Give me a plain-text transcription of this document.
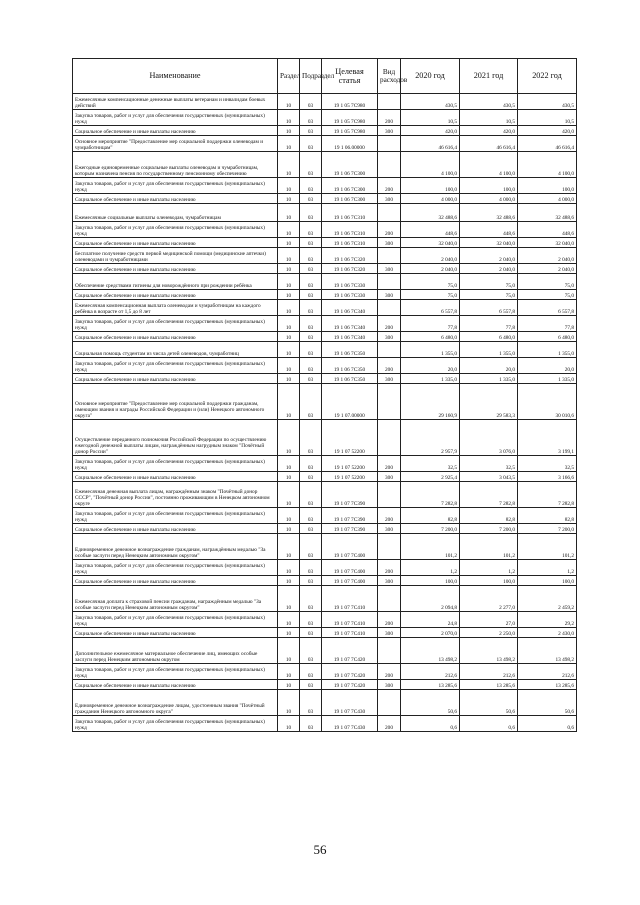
Наименование	Раздел	Подраздел	Целевая статья	Вид расходов	2020 год	2021 год	2022 год
Ежемесячные компенсационные денежные выплаты ветеранам и инвалидам боевых действий	10	03	19 1 05 7С980		430,5	430,5	430,5
Закупка товаров, работ и услуг для обеспечения государственных (муниципальных) нужд	10	03	19 1 05 7С980	200	10,5	10,5	10,5
Социальное обеспечение и иные выплаты населению	10	03	19 1 05 7С980	300	420,0	420,0	420,0
Основное мероприятие "Предоставление мер социальной поддержки оленеводам и чумработницам"	10	03	19 1 06.00000		46 616,4	46 616,4	46 616,4
Ежегодные единовременные социальные выплаты оленеводам и чумработницам, которым назначена пенсия по государственному пенсионному обеспечению	10	03	19 1 06 7С300		4 100,0	4 100,0	4 100,0
Закупка товаров, работ и услуг для обеспечения государственных (муниципальных) нужд	10	03	19 1 06 7С300	200	100,0	100,0	100,0
Социальное обеспечение и иные выплаты населению	10	03	19 1 06 7С300	300	4 000,0	4 000,0	4 000,0
Ежемесячные социальные выплаты оленеводам, чумработницам	10	03	19 1 06 7С310		32 488,6	32 488,6	32 488,6
Закупка товаров, работ и услуг для обеспечения государственных (муниципальных) нужд	10	03	19 1 06 7С310	200	448,6	448,6	448,6
Социальное обеспечение и иные выплаты населению	10	03	19 1 06 7С310	300	32 040,0	32 040,0	32 040,0
Бесплатное получение средств первой медицинской помощи (медицинские аптечки) оленеводами и чумработницами	10	03	19 1 06 7С320		2 040,0	2 040,0	2 040,0
Социальное обеспечение и иные выплаты населению	10	03	19 1 06 7С320	300	2 040,0	2 040,0	2 040,0
Обеспечение средствами гигиены для новорождённого при рождении ребёнка	10	03	19 1 06 7С330		75,0	75,0	75,0
Социальное обеспечение и иные выплаты населению	10	03	19 1 06 7С330	300	75,0	75,0	75,0
Ежемесячная компенсационная выплата оленеводам и чумработницам на каждого ребёнка в возрасте от 1,5 до 8 лет	10	03	19 1 06 7С340		6 557,8	6 557,8	6 557,8
Закупка товаров, работ и услуг для обеспечения государственных (муниципальных) нужд	10	03	19 1 06 7С340	200	77,8	77,8	77,8
Социальное обеспечение и иные выплаты населению	10	03	19 1 06 7С340	300	6 480,0	6 480,0	6 480,0
Социальная помощь студентам из числа детей оленеводов, чумработниц	10	03	19 1 06 7С350		1 355,0	1 355,0	1 355,0
Закупка товаров, работ и услуг для обеспечения государственных (муниципальных) нужд	10	03	19 1 06 7С350	200	20,0	20,0	20,0
Социальное обеспечение и иные выплаты населению	10	03	19 1 06 7С350	300	1 335,0	1 335,0	1 335,0
Основное мероприятие "Предоставление мер социальной поддержки гражданам, имеющим звания и награды Российской Федерации и (или) Ненецкого автономного округа"	10	03	19 1 07.00000		29 160,9	29 583,3	30 010,6
Осуществление переданного полномочия Российской Федерации по осуществлению ежегодной денежной выплаты лицам, награждённым нагрудным знаком "Почётный донор России"	10	03	19 1 07 52200		2 957,9	3 076,0	3 199,1
Закупка товаров, работ и услуг для обеспечения государственных (муниципальных) нужд	10	03	19 1 07 52200	200	32,5	32,5	32,5
Социальное обеспечение и иные выплаты населению	10	03	19 1 07 52200	300	2 925,4	3 043,5	3 166,6
Ежемесячная денежная выплата лицам, награждённым знаком "Почётный донор СССР", "Почётный донор России", постоянно проживающим в Ненецком автономном округе	10	03	19 1 07 7С390		7 282,8	7 282,8	7 282,8
Закупка товаров, работ и услуг для обеспечения государственных (муниципальных) нужд	10	03	19 1 07 7С390	200	82,8	82,8	82,8
Социальное обеспечение и иные выплаты населению	10	03	19 1 07 7С390	300	7 200,0	7 200,0	7 200,0
Единовременное денежное вознаграждение гражданам, награждённым медалью "За особые заслуги перед Ненецким автономным округом"	10	03	19 1 07 7С400		101,2	101,2	101,2
Закупка товаров, работ и услуг для обеспечения государственных (муниципальных) нужд	10	03	19 1 07 7С400	200	1,2	1,2	1,2
Социальное обеспечение и иные выплаты населению	10	03	19 1 07 7С400	300	100,0	100,0	100,0
Ежемесячная доплата к страховой пенсии гражданам, награждённым медалью "За особые заслуги перед Ненецким автономным округом"	10	03	19 1 07 7С410		2 094,8	2 277,0	2 459,2
Закупка товаров, работ и услуг для обеспечения государственных (муниципальных) нужд	10	03	19 1 07 7С410	200	24,8	27,0	29,2
Социальное обеспечение и иные выплаты населению	10	03	19 1 07 7С410	300	2 070,0	2 250,0	2 430,0
Дополнительное ежемесячное материальное обеспечение лиц, имеющих особые заслуги перед Ненецким автономным округом	10	03	19 1 07 7С420		13 498,2	13 498,2	13 498,2
Закупка товаров, работ и услуг для обеспечения государственных (муниципальных) нужд	10	03	19 1 07 7С420	200	212,6	212,6	212,6
Социальное обеспечение и иные выплаты населению	10	03	19 1 07 7С420	300	13 285,6	13 285,6	13 285,6
Единовременное денежное вознаграждение лицам, удостоенным звания "Почётный гражданин Ненецкого автономного округа"	10	03	19 1 07 7С430		50,6	50,6	50,6
Закупка товаров, работ и услуг для обеспечения государственных (муниципальных) нужд	10	03	19 1 07 7С430	200	0,6	0,6	0,6
56
